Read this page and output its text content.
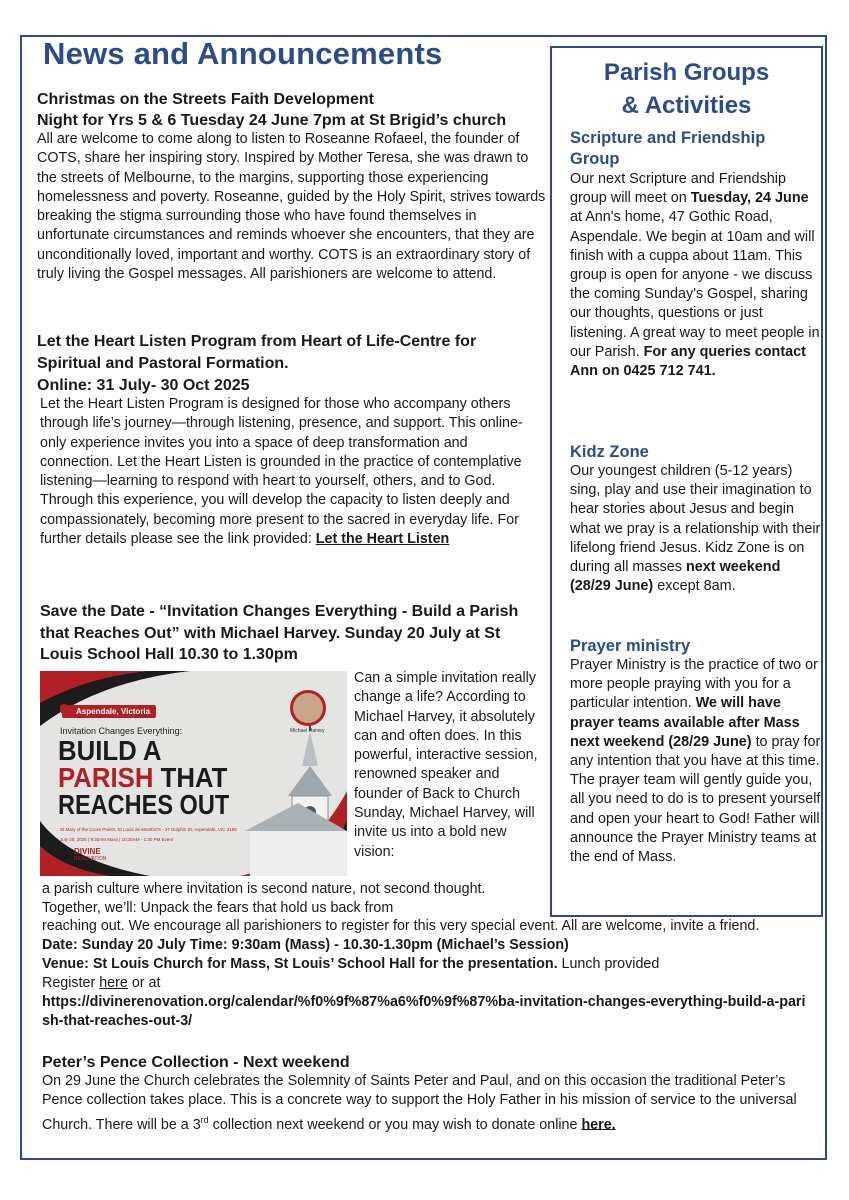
News and Announcements

Christmas on the Streets Faith Development

Night for Yrs 5 & 6 Tuesday 24 June 7pm at St Brigid’s church

All are welcome to come along to listen to Roseanne Rofaeel, the founder of COTS, share her inspiring story. Inspired by Mother Teresa, she was drawn to the streets of Melbourne, to the margins, supporting those experiencing homelessness and poverty. Roseanne, guided by the Holy Spirit, strives towards breaking the stigma surrounding those who have found themselves in unfortunate circumstances and reminds whoever she encounters, that they are unconditionally loved, important and worthy. COTS is an extraordinary story of truly living the Gospel messages. All parishioners are welcome to attend.

Let the Heart Listen Program from Heart of Life-Centre for Spiritual and Pastoral Formation.

Online: 31 July- 30 Oct 2025

Let the Heart Listen Program is designed for those who accompany others through life’s journey—through listening, presence, and support. This online-only experience invites you into a space of deep transformation and connection. Let the Heart Listen is grounded in the practice of contemplative listening—learning to respond with heart to yourself, others, and to God. Through this experience, you will develop the capacity to listen deeply and compassionately, becoming more present to the sacred in everyday life. For further details please see the link provided: Let the Heart Listen

Save the Date - “Invitation Changes Everything - Build a Parish that Reaches Out” with Michael Harvey. Sunday 20 July at St Louis School Hall 10.30 to 1.30pm

Aspendale, Victoria
Invitation Changes Everything:
BUILD A
PARISH THAT
REACHES OUT
Michael Harvey
St Mary of the Cross Parish, St Louis de Montfort's - 37 Dolphin St, Aspendale, VIC 3195
July 20, 2025 | 9:30AM Mass | 10:30AM - 1:30 PM Event
DIVINE
RENOVATION

Can a simple invitation really change a life? According to Michael Harvey, it absolutely can and often does. In this powerful, interactive session, renowned speaker and founder of Back to Church Sunday, Michael Harvey, will invite us into a bold new vision:

a parish culture where invitation is second nature, not second thought. Together, we’ll: Unpack the fears that hold us back from

reaching out. We encourage all parishioners to register for this very special event. All are welcome, invite a friend.

Date: Sunday 20 July Time: 9:30am (Mass) - 10.30-1.30pm (Michael’s Session)

Venue: St Louis Church for Mass, St Louis’ School Hall for the presentation. Lunch provided

Register here or at

https://divinerenovation.org/calendar/%f0%9f%87%a6%f0%9f%87%ba-invitation-changes-everything-build-a-parish-that-reaches-out-3/

Peter’s Pence Collection - Next weekend

On 29 June the Church celebrates the Solemnity of Saints Peter and Paul, and on this occasion the traditional Peter’s Pence collection takes place. This is a concrete way to support the Holy Father in his mission of service to the universal Church. There will be a 3rd collection next weekend or you may wish to donate online here.

Parish Groups
& Activities

Scripture and Friendship Group

Our next Scripture and Friendship group will meet on Tuesday, 24 June at Ann's home, 47 Gothic Road, Aspendale. We begin at 10am and will finish with a cuppa about 11am. This group is open for anyone - we discuss the coming Sunday's Gospel, sharing our thoughts, questions or just listening. A great way to meet people in our Parish. For any queries contact Ann on 0425 712 741.

Kidz Zone

Our youngest children (5-12 years) sing, play and use their imagination to hear stories about Jesus and begin what we pray is a relationship with their lifelong friend Jesus. Kidz Zone is on during all masses next weekend (28/29 June) except 8am.

Prayer ministry

Prayer Ministry is the practice of two or more people praying with you for a particular intention. We will have prayer teams available after Mass next weekend (28/29 June) to pray for any intention that you have at this time. The prayer team will gently guide you, all you need to do is to present yourself and open your heart to God! Father will announce the Prayer Ministry teams at the end of Mass.
